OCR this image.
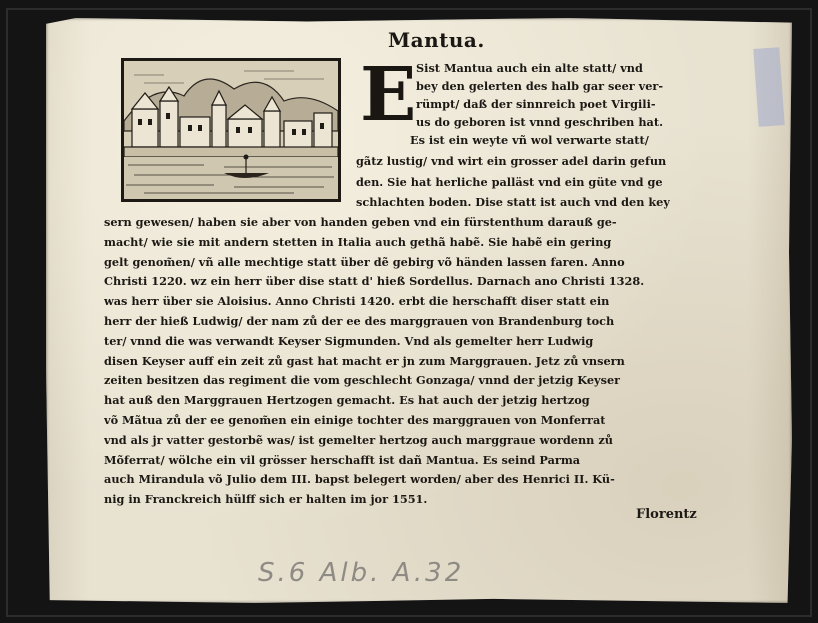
Mantua.
E Sist Mantua auch ein alte statt/ vnd
bey den gelerten des halb gar seer ver-
rümpt/ daß der sinnreich poet Virgili-
us do geboren ist vnnd geschriben hat.
Es ist ein weyte vñ wol verwarte statt/
gãtz lustig/ vnd wirt ein grosser adel darin gefun
den. Sie hat herliche palläst vnd ein güte vnd ge
schlachten boden. Dise statt ist auch vnd den key
sern gewesen/ haben sie aber von handen geben vnd ein fürstenthum darauß ge-
macht/ wie sie mit andern stetten in Italia auch gethã habẽ. Sie habẽ ein gering
gelt genom̃en/ vñ alle mechtige statt über dẽ gebirg võ händen lassen faren. Anno
Christi 1220. wz ein herr über dise statt d' hieß Sordellus. Darnach ano Christi 1328.
was herr über sie Aloisius. Anno Christi 1420. erbt die herschafft diser statt ein
herr der hieß Ludwig/ der nam zů der ee des marggrauen von Brandenburg toch
ter/ vnnd die was verwandt Keyser Sigmunden. Vnd als gemelter herr Ludwig
disen Keyser auff ein zeit zů gast hat macht er jn zum Marggrauen. Jetz zů vnsern
zeiten besitzen das regiment die vom geschlecht Gonzaga/ vnnd der jetzig Keyser
hat auß den Marggrauen Hertzogen gemacht. Es hat auch der jetzig hertzog
võ Mãtua zů der ee genom̃en ein einige tochter des marggrauen von Monferrat
vnd als jr vatter gestorbẽ was/ ist gemelter hertzog auch marggraue wordenn zů
Mõferrat/ wölche ein vil grösser herschafft ist dañ Mantua. Es seind Parma
auch Mirandula võ Julio dem III. bapst belegert worden/ aber des Henrici II. Kü-
nig in Franckreich hülff sich er halten im jor 1551.
Florentz
S.6 Alb. A.32
